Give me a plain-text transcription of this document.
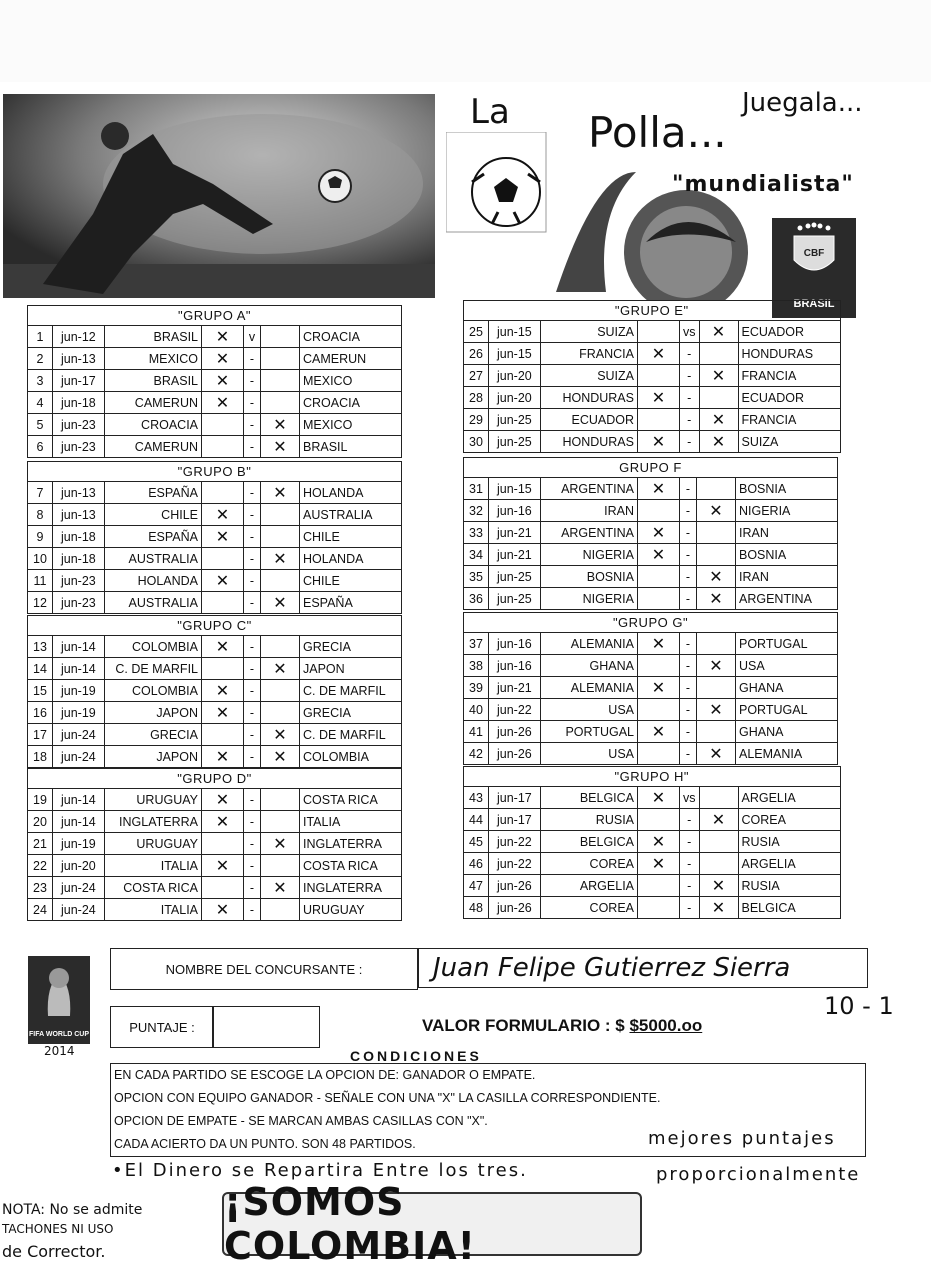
La Polla...
Juegala...
"mundialista"
CBF
BRASIL
"GRUPO A"						
1	jun-12	BRASIL	✕	v		CROACIA
2	jun-13	MEXICO	✕	-		CAMERUN
3	jun-17	BRASIL	✕	-		MEXICO
4	jun-18	CAMERUN	✕	-		CROACIA
5	jun-23	CROACIA		-	✕	MEXICO
6	jun-23	CAMERUN		-	✕	BRASIL
"GRUPO B"						
7	jun-13	ESPAÑA		-	✕	HOLANDA
8	jun-13	CHILE	✕	-		AUSTRALIA
9	jun-18	ESPAÑA	✕	-		CHILE
10	jun-18	AUSTRALIA		-	✕	HOLANDA
11	jun-23	HOLANDA	✕	-		CHILE
12	jun-23	AUSTRALIA		-	✕	ESPAÑA
"GRUPO C"						
13	jun-14	COLOMBIA	✕	-		GRECIA
14	jun-14	C. DE MARFIL		-	✕	JAPON
15	jun-19	COLOMBIA	✕	-		C. DE MARFIL
16	jun-19	JAPON	✕	-		GRECIA
17	jun-24	GRECIA		-	✕	C. DE MARFIL
18	jun-24	JAPON	✕	-	✕	COLOMBIA
"GRUPO D"						
19	jun-14	URUGUAY	✕	-		COSTA RICA
20	jun-14	INGLATERRA	✕	-		ITALIA
21	jun-19	URUGUAY		-	✕	INGLATERRA
22	jun-20	ITALIA	✕	-		COSTA RICA
23	jun-24	COSTA RICA		-	✕	INGLATERRA
24	jun-24	ITALIA	✕	-		URUGUAY
"GRUPO E"						
25	jun-15	SUIZA		vs	✕	ECUADOR
26	jun-15	FRANCIA	✕	-		HONDURAS
27	jun-20	SUIZA		-	✕	FRANCIA
28	jun-20	HONDURAS	✕	-		ECUADOR
29	jun-25	ECUADOR		-	✕	FRANCIA
30	jun-25	HONDURAS	✕	-	✕	SUIZA
GRUPO F						
31	jun-15	ARGENTINA	✕	-		BOSNIA
32	jun-16	IRAN		-	✕	NIGERIA
33	jun-21	ARGENTINA	✕	-		IRAN
34	jun-21	NIGERIA	✕	-		BOSNIA
35	jun-25	BOSNIA		-	✕	IRAN
36	jun-25	NIGERIA		-	✕	ARGENTINA
"GRUPO G"						
37	jun-16	ALEMANIA	✕	-		PORTUGAL
38	jun-16	GHANA		-	✕	USA
39	jun-21	ALEMANIA	✕	-		GHANA
40	jun-22	USA		-	✕	PORTUGAL
41	jun-26	PORTUGAL	✕	-		GHANA
42	jun-26	USA		-	✕	ALEMANIA
"GRUPO H"						
43	jun-17	BELGICA	✕	vs		ARGELIA
44	jun-17	RUSIA		-	✕	COREA
45	jun-22	BELGICA	✕	-		RUSIA
46	jun-22	COREA	✕	-		ARGELIA
47	jun-26	ARGELIA		-	✕	RUSIA
48	jun-26	COREA		-	✕	BELGICA
FIFA WORLD CUP
2014
NOMBRE DEL CONCURSANTE :	Juan Felipe Gutierrez Sierra
10 - 1
PUNTAJE :	VALOR FORMULARIO : $ $5000.oo
CONDICIONES
EN CADA PARTIDO SE ESCOGE LA OPCION DE: GANADOR O EMPATE.
OPCION CON EQUIPO GANADOR - SEÑALE CON UNA "X" LA CASILLA CORRESPONDIENTE.
OPCION DE EMPATE - SE MARCAN AMBAS CASILLAS CON "X".
CADA ACIERTO DA UN PUNTO. SON 48 PARTIDOS.	mejores puntajes
•El Dinero se Repartira Entre los tres.	proporcionalmente
NOTA: No se admite
TACHONES NI USO
de Corrector.
¡SOMOS COLOMBIA!
